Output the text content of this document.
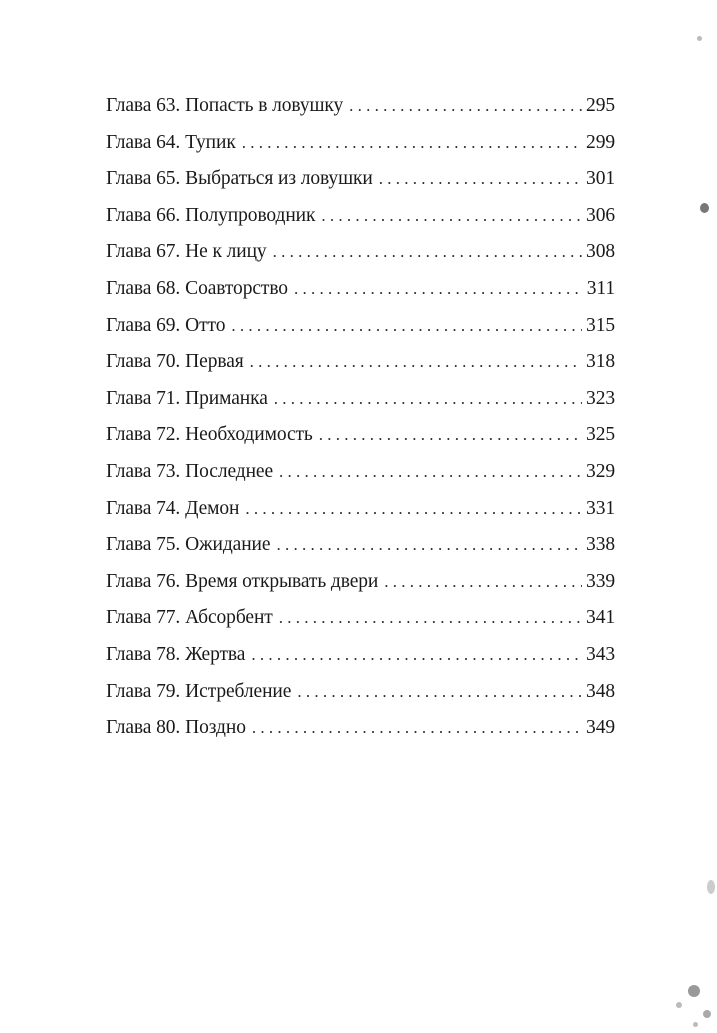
Глава 63. Попасть в ловушку . . .	295
Глава 64. Тупик . . .	299
Глава 65. Выбраться из ловушки . . .	301
Глава 66. Полупроводник . . .	306
Глава 67. Не к лицу . . .	308
Глава 68. Соавторство . . .	311
Глава 69. Отто . . .	315
Глава 70. Первая . . .	318
Глава 71. Приманка . . .	323
Глава 72. Необходимость . . .	325
Глава 73. Последнее . . .	329
Глава 74. Демон . . .	331
Глава 75. Ожидание . . .	338
Глава 76. Время открывать двери . . .	339
Глава 77. Абсорбент . . .	341
Глава 78. Жертва . . .	343
Глава 79. Истребление . . .	348
Глава 80. Поздно . . .	349
